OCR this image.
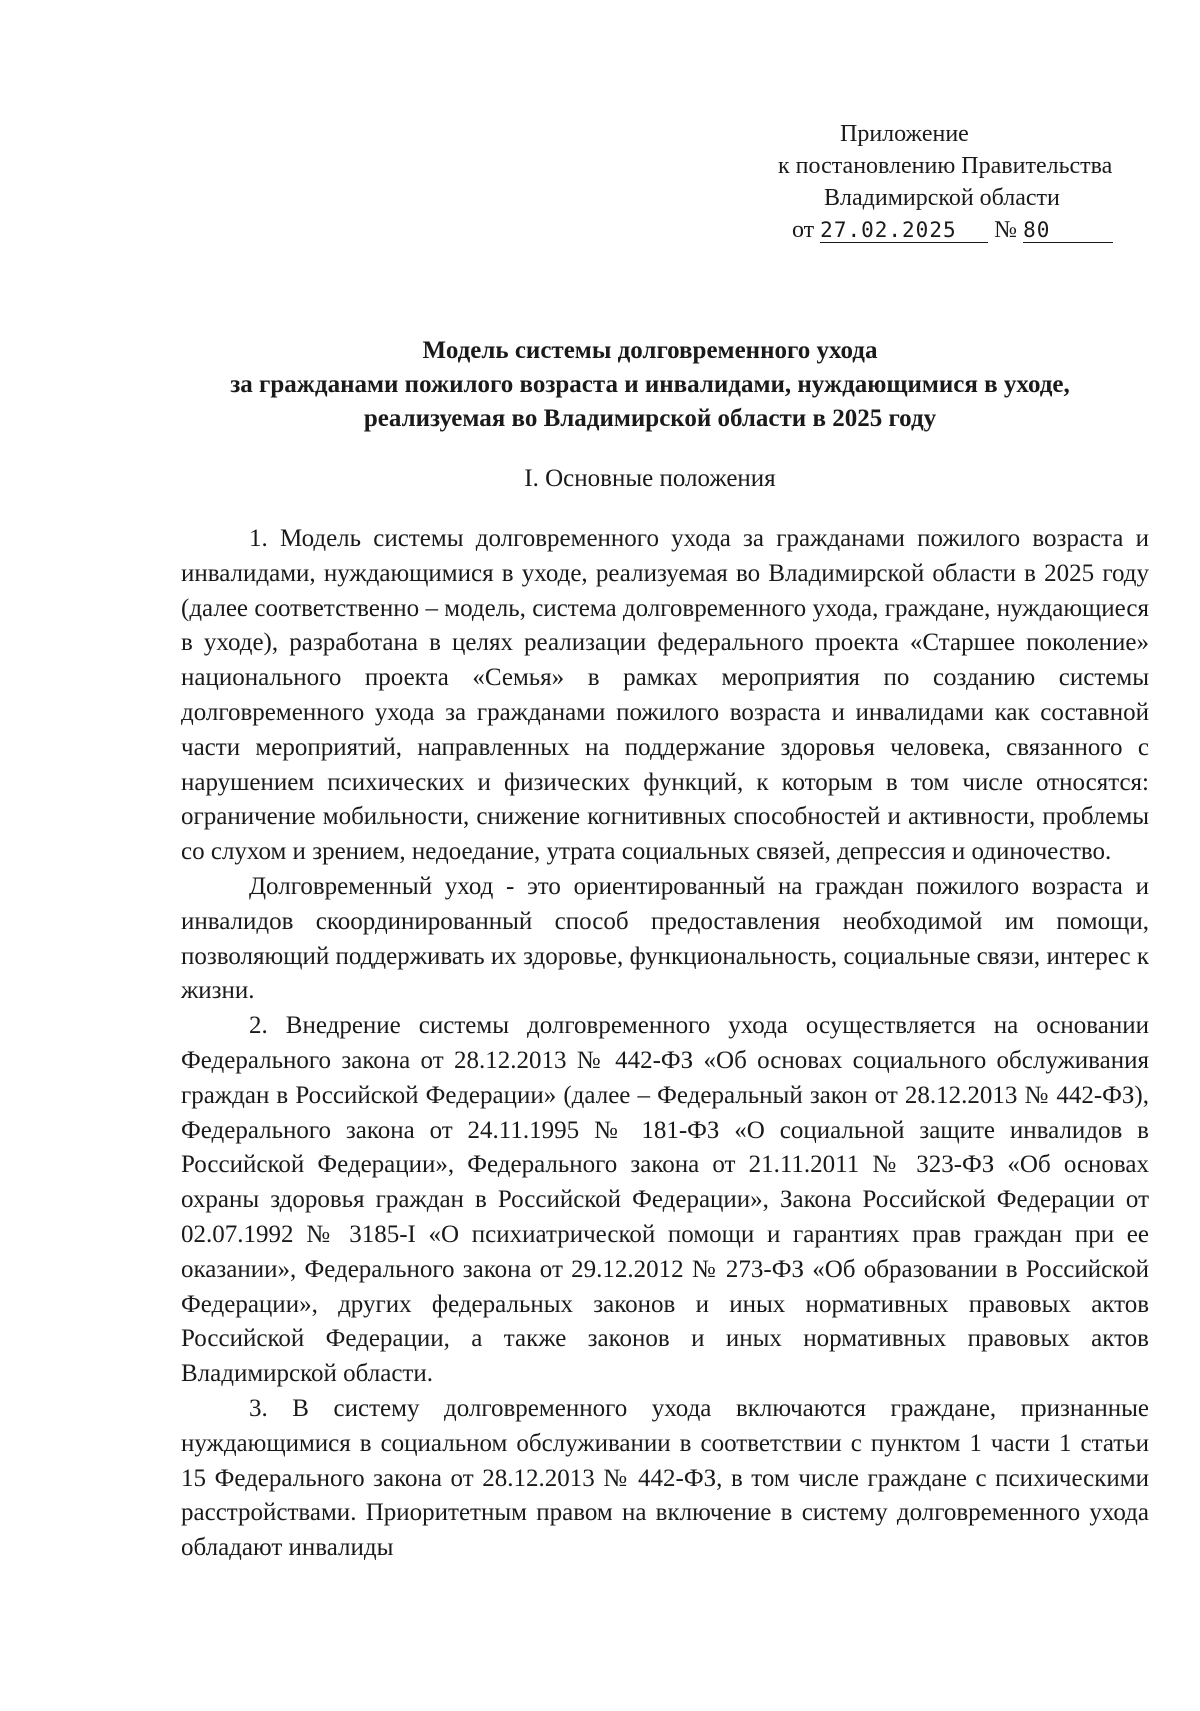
Приложение
к постановлению Правительства
Владимирской области
от 27.02.2025 № 80
Модель системы долговременного ухода
за гражданами пожилого возраста и инвалидами, нуждающимися в уходе,
реализуемая во Владимирской области в 2025 году
I. Основные положения

1. Модель системы долговременного ухода за гражданами пожилого возраста и инвалидами, нуждающимися в уходе, реализуемая во Владимирской области в 2025 году (далее соответственно – модель, система долговременного ухода, граждане, нуждающиеся в уходе), разработана в целях реализации федерального проекта «Старшее поколение» национального проекта «Семья» в рамках мероприятия по созданию системы долговременного ухода за гражданами пожилого возраста и инвалидами как составной части мероприятий, направленных на поддержание здоровья человека, связанного с нарушением психических и физических функций, к которым в том числе относятся: ограничение мобильности, снижение когнитивных способностей и активности, проблемы со слухом и зрением, недоедание, утрата социальных связей, депрессия и одиночество.

Долговременный уход - это ориентированный на граждан пожилого возраста и инвалидов скоординированный способ предоставления необходимой им помощи, позволяющий поддерживать их здоровье, функциональность, социальные связи, интерес к жизни.

2. Внедрение системы долговременного ухода осуществляется на основании Федерального закона от 28.12.2013 № 442-ФЗ «Об основах социального обслуживания граждан в Российской Федерации» (далее – Федеральный закон от 28.12.2013 № 442-ФЗ), Федерального закона от 24.11.1995 № 181-ФЗ «О социальной защите инвалидов в Российской Федерации», Федерального закона от 21.11.2011 № 323-ФЗ «Об основах охраны здоровья граждан в Российской Федерации», Закона Российской Федерации от 02.07.1992 № 3185-I «О психиатрической помощи и гарантиях прав граждан при ее оказании», Федерального закона от 29.12.2012 № 273-ФЗ «Об образовании в Российской Федерации», других федеральных законов и иных нормативных правовых актов Российской Федерации, а также законов и иных нормативных правовых актов Владимирской области.

3. В систему долговременного ухода включаются граждане, признанные нуждающимися в социальном обслуживании в соответствии с пунктом 1 части 1 статьи 15 Федерального закона от 28.12.2013 № 442-ФЗ, в том числе граждане с психическими расстройствами. Приоритетным правом на включение в систему долговременного ухода обладают инвалиды
